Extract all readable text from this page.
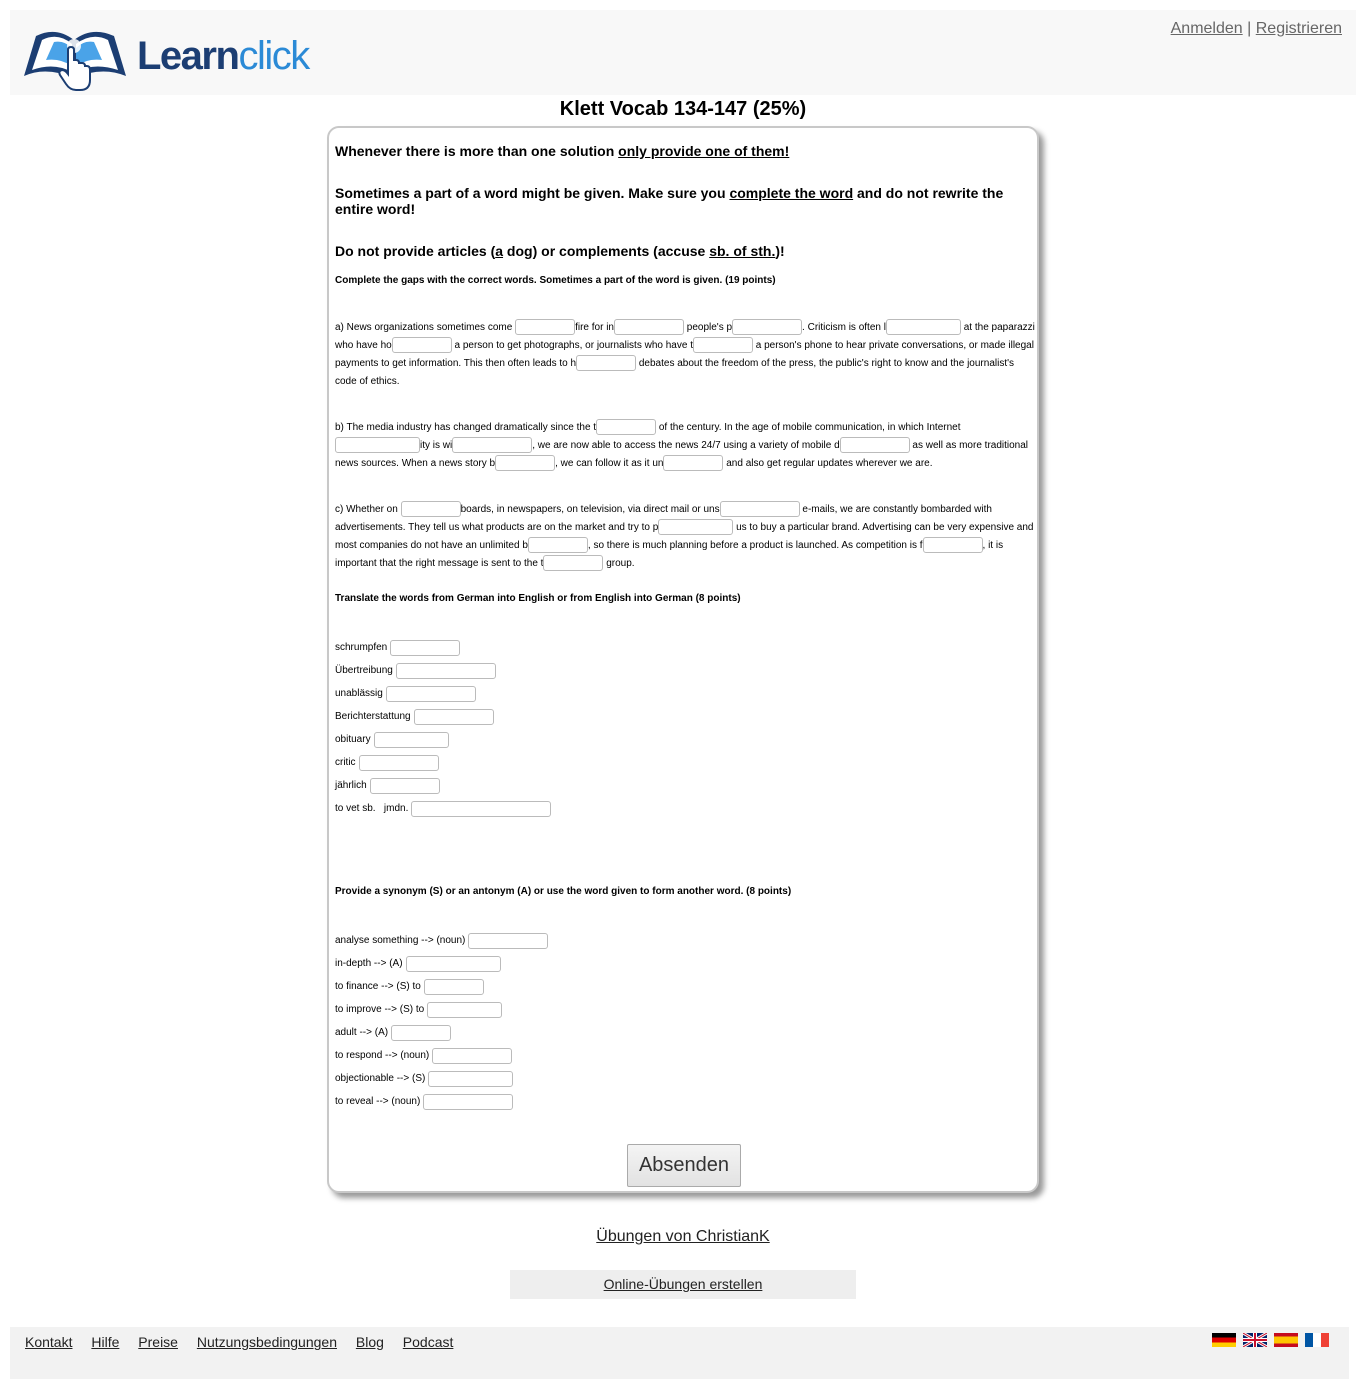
Learnclick
Anmelden | Registrieren
Klett Vocab 134-147 (25%)

Whenever there is more than one solution only provide one of them!

Sometimes a part of a word might be given. Make sure you complete the word and do not rewrite the entire word!

Do not provide articles (a dog) or complements (accuse sb. of sth.)!

Complete the gaps with the correct words. Sometimes a part of the word is given. (19 points)

a) News organizations sometimes come	fire for in	people's p	. Criticism is often l	at the paparazzi who have ho	a person to get photographs, or journalists who have t	a person's phone to hear private conversations, or made illegal payments to get information. This then often leads to h	debates about the freedom of the press, the public's right to know and the journalist's code of ethics.

b) The media industry has changed dramatically since the t	of the century. In the age of mobile communication, in which Internet ity is wi	, we are now able to access the news 24/7 using a variety of mobile d	as well as more traditional news sources. When a news story b	, we can follow it as it un	and also get regular updates wherever we are.

c) Whether on	boards, in newspapers, on television, via direct mail or uns	e-mails, we are constantly bombarded with advertisements. They tell us what products are on the market and try to p	us to buy a particular brand. Advertising can be very expensive and most companies do not have an unlimited b	, so there is much planning before a product is launched. As competition is f	, it is important that the right message is sent to the t	group.

Translate the words from German into English or from English into German (8 points)

schrumpfen
Übertreibung
unablässig
Berichterstattung
obituary
critic
jährlich
to vet sb.   jmdn.

Provide a synonym (S) or an antonym (A) or use the word given to form another word. (8 points)

analyse something --> (noun)
in-depth --> (A)
to finance --> (S) to
to improve --> (S) to
adult --> (A)
to respond --> (noun)
objectionable --> (S)
to reveal --> (noun)
Absenden
Übungen von ChristianK
Online-Übungen erstellen
Kontakt Hilfe Preise Nutzungsbedingungen Blog Podcast
